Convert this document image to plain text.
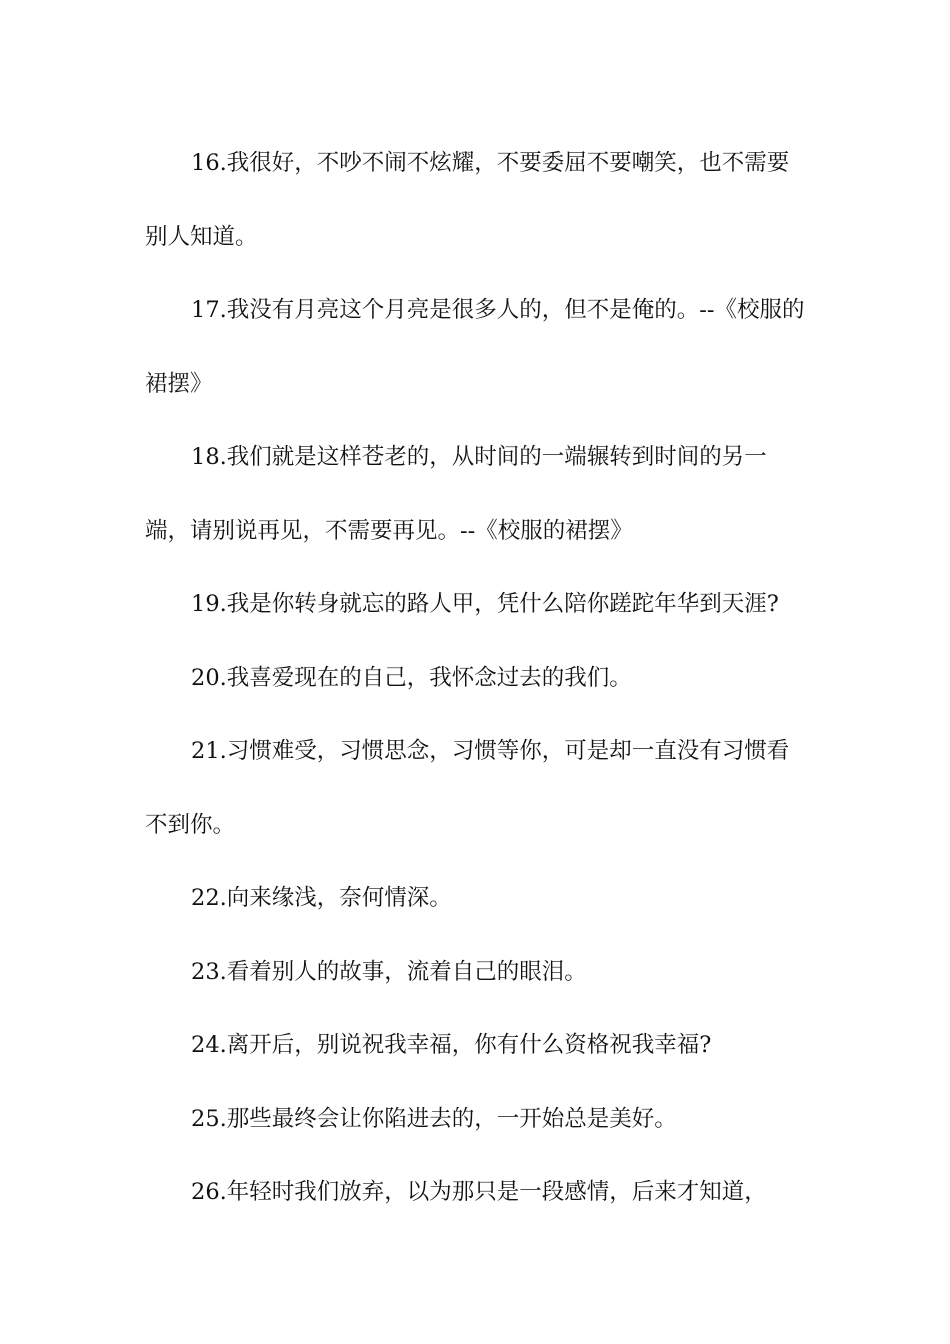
16.我很好，不吵不闹不炫耀，不要委屈不要嘲笑，也不需要别人知道。

17.我没有月亮这个月亮是很多人的，但不是俺的。--《校服的裙摆》

18.我们就是这样苍老的，从时间的一端辗转到时间的另一端，请别说再见，不需要再见。--《校服的裙摆》

19.我是你转身就忘的路人甲，凭什么陪你蹉跎年华到天涯?

20.我喜爱现在的自己，我怀念过去的我们。

21.习惯难受，习惯思念，习惯等你，可是却一直没有习惯看不到你。

22.向来缘浅，奈何情深。

23.看着别人的故事，流着自己的眼泪。

24.离开后，别说祝我幸福，你有什么资格祝我幸福?

25.那些最终会让你陷进去的，一开始总是美好。

26.年轻时我们放弃，以为那只是一段感情，后来才知道，
